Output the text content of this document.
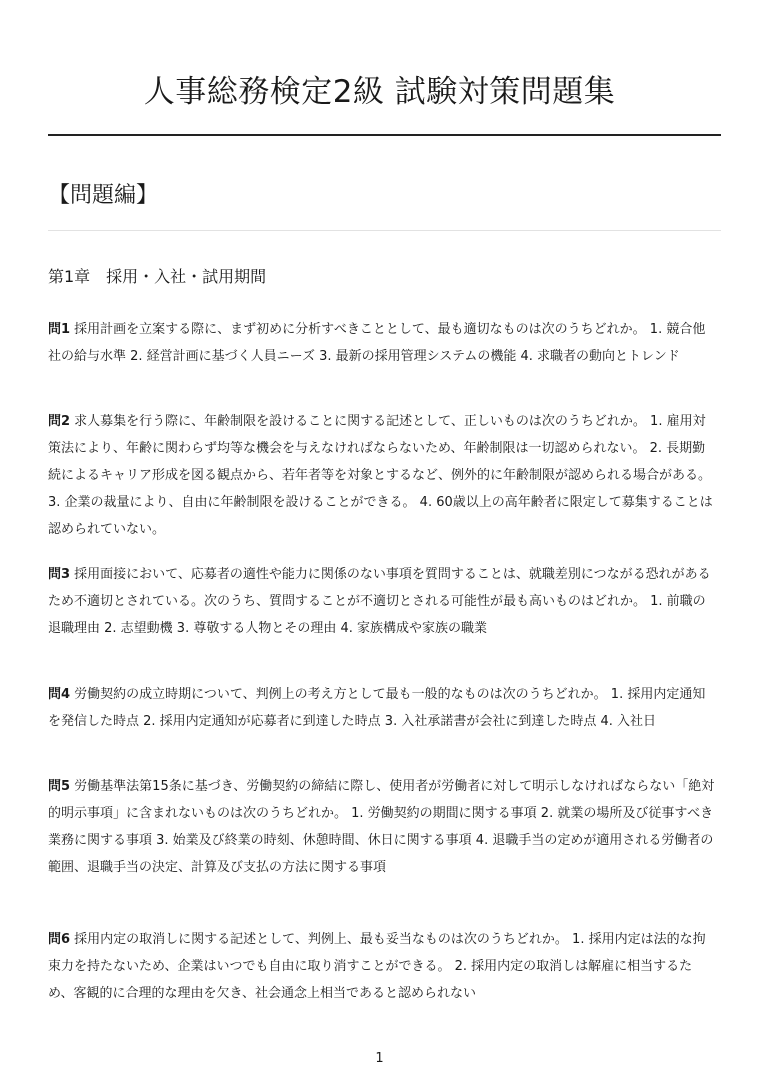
人事総務検定2級 試験対策問題集
【問題編】
第1章　採用・入社・試用期間

問1 採用計画を立案する際に、まず初めに分析すべきこととして、最も適切なものは次のうちどれか。 1. 競合他社の給与水準 2. 経営計画に基づく人員ニーズ 3. 最新の採用管理システムの機能 4. 求職者の動向とトレンド

問2 求人募集を行う際に、年齢制限を設けることに関する記述として、正しいものは次のうちどれか。 1. 雇用対策法により、年齢に関わらず均等な機会を与えなければならないため、年齢制限は一切認められない。 2. 長期勤続によるキャリア形成を図る観点から、若年者等を対象とするなど、例外的に年齢制限が認められる場合がある。 3. 企業の裁量により、自由に年齢制限を設けることができる。 4. 60歳以上の高年齢者に限定して募集することは認められていない。

問3 採用面接において、応募者の適性や能力に関係のない事項を質問することは、就職差別につながる恐れがあるため不適切とされている。次のうち、質問することが不適切とされる可能性が最も高いものはどれか。 1. 前職の退職理由 2. 志望動機 3. 尊敬する人物とその理由 4. 家族構成や家族の職業

問4 労働契約の成立時期について、判例上の考え方として最も一般的なものは次のうちどれか。 1. 採用内定通知を発信した時点 2. 採用内定通知が応募者に到達した時点 3. 入社承諾書が会社に到達した時点 4. 入社日

問5 労働基準法第15条に基づき、労働契約の締結に際し、使用者が労働者に対して明示しなければならない「絶対的明示事項」に含まれないものは次のうちどれか。 1. 労働契約の期間に関する事項 2. 就業の場所及び従事すべき業務に関する事項 3. 始業及び終業の時刻、休憩時間、休日に関する事項 4. 退職手当の定めが適用される労働者の範囲、退職手当の決定、計算及び支払の方法に関する事項

問6 採用内定の取消しに関する記述として、判例上、最も妥当なものは次のうちどれか。 1. 採用内定は法的な拘束力を持たないため、企業はいつでも自由に取り消すことができる。 2. 採用内定の取消しは解雇に相当するため、客観的に合理的な理由を欠き、社会通念上相当であると認められない

1
